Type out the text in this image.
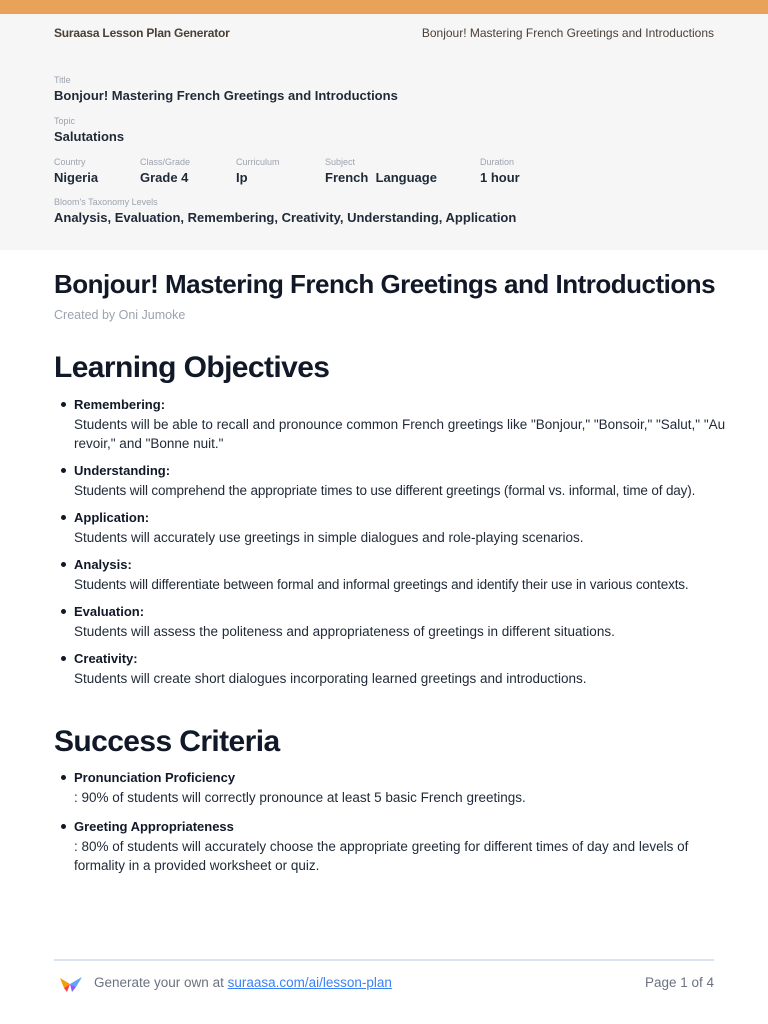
Suraasa Lesson Plan Generator	Bonjour! Mastering French Greetings and Introductions
Title
Bonjour! Mastering French Greetings and Introductions
Topic
Salutations
Country
Nigeria
Class/Grade
Grade 4
Curriculum
Ip
Subject
French  Language
Duration
1 hour
Bloom's Taxonomy Levels
Analysis, Evaluation, Remembering, Creativity, Understanding, Application
Bonjour! Mastering French Greetings and Introductions
Created by Oni Jumoke
Learning Objectives
Remembering:
Students will be able to recall and pronounce common French greetings like "Bonjour," "Bonsoir," "Salut," "Au revoir," and "Bonne nuit."
Understanding:
Students will comprehend the appropriate times to use different greetings (formal vs. informal, time of day).
Application:
Students will accurately use greetings in simple dialogues and role-playing scenarios.
Analysis:
Students will differentiate between formal and informal greetings and identify their use in various contexts.
Evaluation:
Students will assess the politeness and appropriateness of greetings in different situations.
Creativity:
Students will create short dialogues incorporating learned greetings and introductions.
Success Criteria
Pronunciation Proficiency
: 90% of students will correctly pronounce at least 5 basic French greetings.
Greeting Appropriateness
: 80% of students will accurately choose the appropriate greeting for different times of day and levels of formality in a provided worksheet or quiz.
Generate your own at suraasa.com/ai/lesson-plan	Page 1 of 4
